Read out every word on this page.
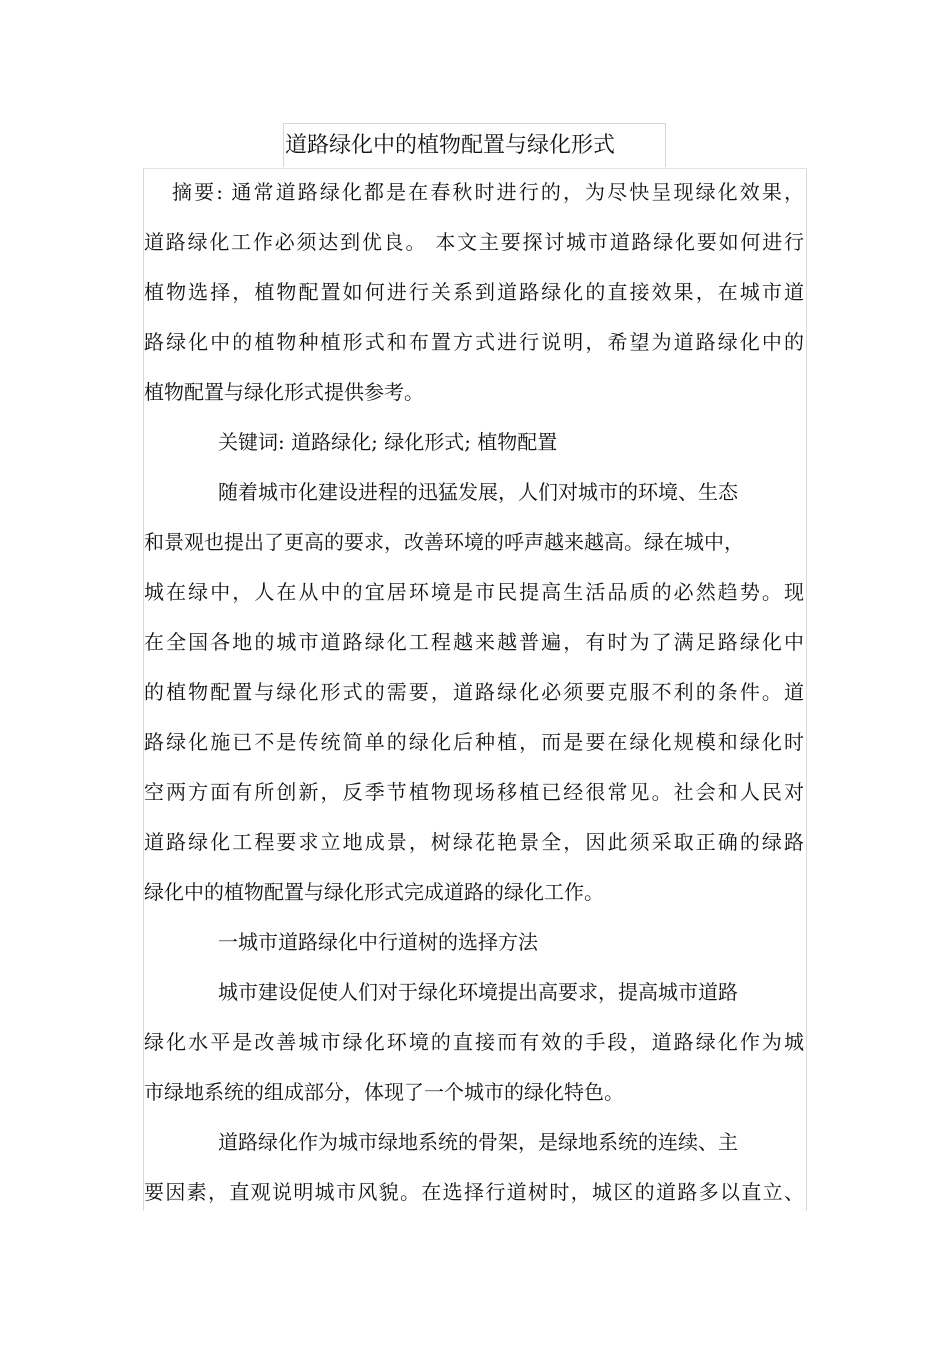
道路绿化中的植物配置与绿化形式
摘要: 通常道路绿化都是在春秋时进行的，为尽快呈现绿化效果，
道路绿化工作必须达到优良。 本文主要探讨城市道路绿化要如何进行
植物选择，植物配置如何进行关系到道路绿化的直接效果，在城市道
路绿化中的植物种植形式和布置方式进行说明，希望为道路绿化中的
植物配置与绿化形式提供参考。
关键词: 道路绿化; 绿化形式; 植物配置
随着城市化建设进程的迅猛发展，人们对城市的环境、生态
和景观也提出了更高的要求，改善环境的呼声越来越高。绿在城中，
城在绿中，人在从中的宜居环境是市民提高生活品质的必然趋势。现
在全国各地的城市道路绿化工程越来越普遍，有时为了满足路绿化中
的植物配置与绿化形式的需要，道路绿化必须要克服不利的条件。道
路绿化施已不是传统简单的绿化后种植，而是要在绿化规模和绿化时
空两方面有所创新，反季节植物现场移植已经很常见。社会和人民对
道路绿化工程要求立地成景，树绿花艳景全，因此须采取正确的绿路
绿化中的植物配置与绿化形式完成道路的绿化工作。
一城市道路绿化中行道树的选择方法
城市建设促使人们对于绿化环境提出高要求，提高城市道路
绿化水平是改善城市绿化环境的直接而有效的手段，道路绿化作为城
市绿地系统的组成部分，体现了一个城市的绿化特色。
道路绿化作为城市绿地系统的骨架，是绿地系统的连续、主
要因素，直观说明城市风貌。在选择行道树时，城区的道路多以直立、
